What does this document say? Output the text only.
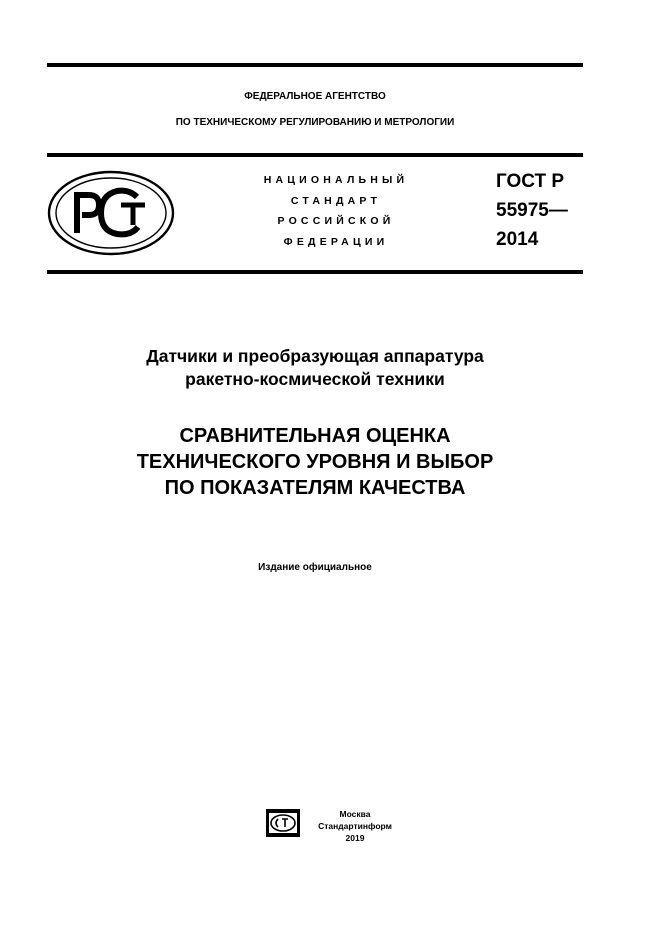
ФЕДЕРАЛЬНОЕ АГЕНТСТВО
ПО ТЕХНИЧЕСКОМУ РЕГУЛИРОВАНИЮ И МЕТРОЛОГИИ
НАЦИОНАЛЬНЫЙ
СТАНДАРТ
РОССИЙСКОЙ
ФЕДЕРАЦИИ
ГОСТ Р
55975—
2014
Датчики и преобразующая аппаратура
ракетно-космической техники
СРАВНИТЕЛЬНАЯ ОЦЕНКА
ТЕХНИЧЕСКОГО УРОВНЯ И ВЫБОР
ПО ПОКАЗАТЕЛЯМ КАЧЕСТВА
Издание официальное
Москва
Стандартинформ
2019
